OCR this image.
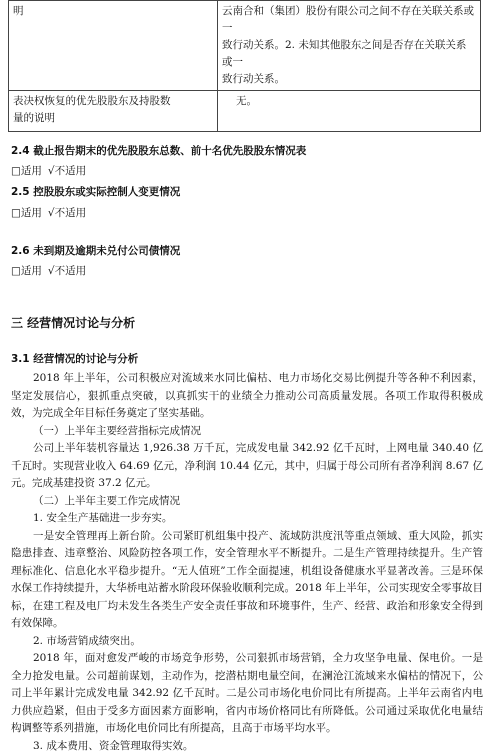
明	云南合和（集团）股份有限公司之间不存在关联关系或一
致行动关系。2. 未知其他股东之间是否存在关联关系或一
致行动关系。

表决权恢复的优先股股东及持股数
量的说明	无。
2.4 截止报告期末的优先股股东总数、前十名优先股股东情况表
□适用 √不适用
2.5 控股股东或实际控制人变更情况
□适用 √不适用
2.6 未到期及逾期未兑付公司债情况
□适用 √不适用
三 经营情况讨论与分析
3.1 经营情况的讨论与分析

2018 年上半年，公司积极应对流域来水同比偏枯、电力市场化交易比例提升等各种不利因素，坚定发展信心，狠抓重点突破，以真抓实干的业绩全力推动公司高质量发展。各项工作取得积极成效，为完成全年目标任务奠定了坚实基础。

（一）上半年主要经营指标完成情况

公司上半年装机容量达 1,926.38 万千瓦，完成发电量 342.92 亿千瓦时，上网电量 340.40 亿千瓦时。实现营业收入 64.69 亿元，净利润 10.44 亿元，其中，归属于母公司所有者净利润 8.67 亿元。完成基建投资 37.2 亿元。

（二）上半年主要工作完成情况

1. 安全生产基础进一步夯实。

一是安全管理再上新台阶。公司紧盯机组集中投产、流域防洪度汛等重点领域、重大风险，抓实隐患排查、违章整治、风险防控各项工作，安全管理水平不断提升。二是生产管理持续提升。生产管理标准化、信息化水平稳步提升。“无人值班”工作全面提速，机组设备健康水平显著改善。三是环保水保工作持续提升，大华桥电站蓄水阶段环保验收顺利完成。2018 年上半年，公司实现安全零事故目标，在建工程及电厂均未发生各类生产安全责任事故和环境事件，生产、经营、政治和形象安全得到有效保障。

2. 市场营销成绩突出。

2018 年，面对愈发严峻的市场竞争形势，公司狠抓市场营销，全力攻坚争电量、保电价。一是全力抢发电量。公司超前谋划，主动作为，挖潜枯期电量空间，在澜沧江流域来水偏枯的情况下，公司上半年累计完成发电量 342.92 亿千瓦时。二是公司市场化电价同比有所提高。上半年云南省内电力供应趋紧，但由于受多方面因素方面影响，省内市场价格同比有所降低。公司通过采取优化电量结构调整等系列措施，市场化电价同比有所提高，且高于市场平均水平。

3. 成本费用、资金管理取得实效。
